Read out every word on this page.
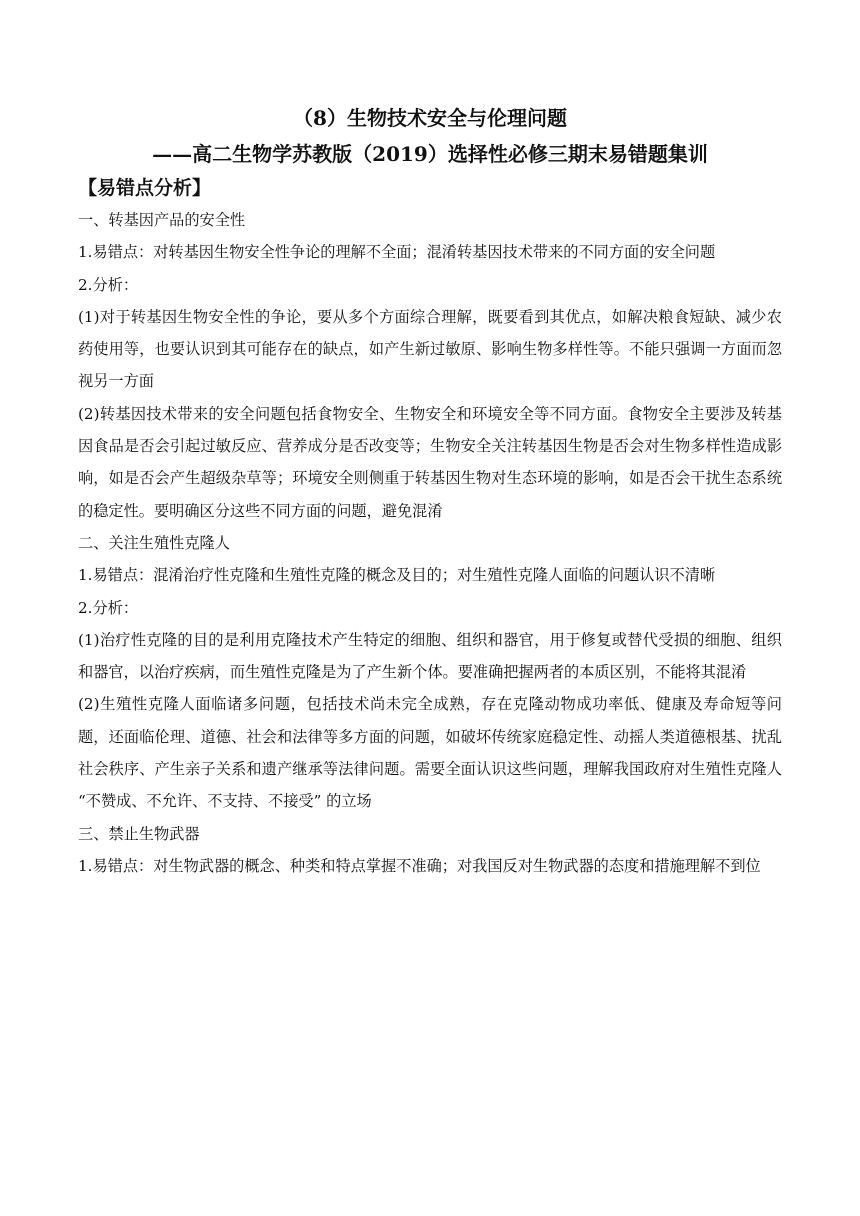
（8）生物技术安全与伦理问题

——高二生物学苏教版（2019）选择性必修三期末易错题集训

【易错点分析】

一、转基因产品的安全性

1.易错点：对转基因生物安全性争论的理解不全面；混淆转基因技术带来的不同方面的安全问题

2.分析：

(1)对于转基因生物安全性的争论，要从多个方面综合理解，既要看到其优点，如解决粮食短缺、减少农药使用等，也要认识到其可能存在的缺点，如产生新过敏原、影响生物多样性等。不能只强调一方面而忽视另一方面

(2)转基因技术带来的安全问题包括食物安全、生物安全和环境安全等不同方面。食物安全主要涉及转基因食品是否会引起过敏反应、营养成分是否改变等；生物安全关注转基因生物是否会对生物多样性造成影响，如是否会产生超级杂草等；环境安全则侧重于转基因生物对生态环境的影响，如是否会干扰生态系统的稳定性。要明确区分这些不同方面的问题，避免混淆

二、关注生殖性克隆人

1.易错点：混淆治疗性克隆和生殖性克隆的概念及目的；对生殖性克隆人面临的问题认识不清晰

2.分析：

(1)治疗性克隆的目的是利用克隆技术产生特定的细胞、组织和器官，用于修复或替代受损的细胞、组织和器官，以治疗疾病，而生殖性克隆是为了产生新个体。要准确把握两者的本质区别，不能将其混淆

(2)生殖性克隆人面临诸多问题，包括技术尚未完全成熟，存在克隆动物成功率低、健康及寿命短等问题，还面临伦理、道德、社会和法律等多方面的问题，如破坏传统家庭稳定性、动摇人类道德根基、扰乱社会秩序、产生亲子关系和遗产继承等法律问题。需要全面认识这些问题，理解我国政府对生殖性克隆人 “不赞成、不允许、不支持、不接受” 的立场

三、禁止生物武器

1.易错点：对生物武器的概念、种类和特点掌握不准确；对我国反对生物武器的态度和措施理解不到位
